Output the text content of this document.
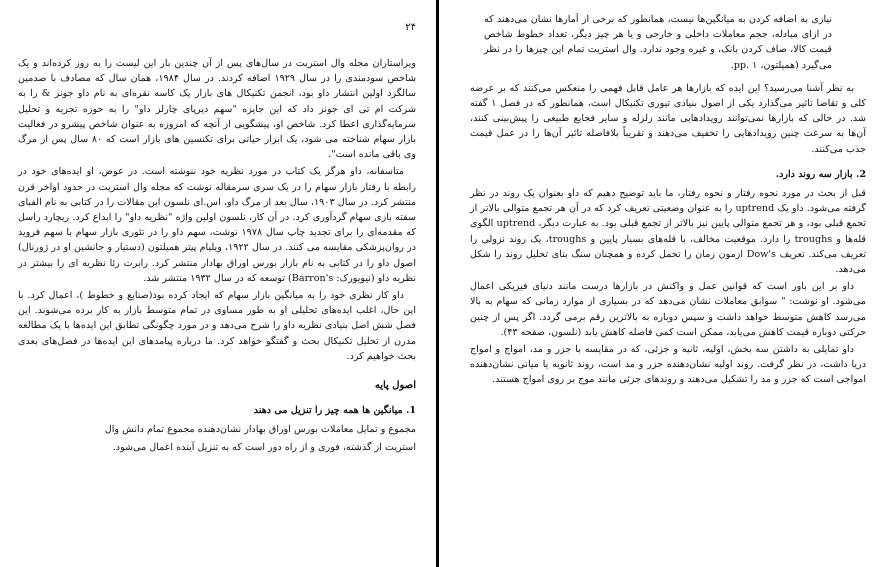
۲۴

ویراستاران مجله وال استریت در سال‌های پس از آن چندین بار این لیست را به روز کرده‌اند و یک شاخص سودمندی را در سال ۱۹۲۹ اضافه کردند. در سال ۱۹۸۴، همان سال که مصادف با صدمین سالگرد اولین انتشار داو بود، انجمن تکنیکال های بازار یک کاسه نقره‌ای به نام داو جونز & را به شرکت ام تی ای جونز داد که این جایزه "سهم دیرپای چارلز داو" را به حوزه تجزیه و تحلیل سرمایه‌گذاری اعطا کرد. شاخص او، پیشگویی از آنچه که امروزه به عنوان شاخص پیشرو در فعالیت بازار سهام شناخته می شود، یک ابزار حیاتی برای تکنسین های بازار است که ۸۰ سال پس از مرگ وی باقی مانده است".

متاسفانه، داو هرگز یک کتاب در مورد نظریه خود ننوشته است. در عوض، او ایده‌های خود در رابطه با رفتار بازار سهام را در یک سری سرمقاله نوشت که مجله وال استریت در حدود اواخر قرن منتشر کرد. در سال ۱۹۰۳، سال بعد از مرگ داو، اس.ای نلسون این مقالات را در کتابی به نام الفبای سفته بازی سهام گردآوری کرد. در آن کار، نلسون اولین واژه "نظریه داو" را ابداع کرد. ریچارد راسل که مقدمه‌ای را برای تجدید چاپ سال ۱۹۷۸ نوشت، سهم داو را در تئوری بازار سهام با سهم فروید در روان‌پزشکی مقایسه می کنند. در سال ۱۹۲۲، ویلیام پیتر همیلتون (دستیار و جانشین او در ژورنال) اصول داو را در کتابی به نام بازار بورس اوراق بهادار منتشر کرد. رابرت رئا نظریه ای را بیشتر در نظریه داو (نیویورک: Barron's) توسعه که در سال ۱۹۳۲ منتشر شد.

داو کار نظری خود را به میانگین بازار سهام که ایجاد کرده بود(صنایع و خطوط )، اعمال کرد. با این حال، اغلب ایده‌های تحلیلی او به طور مساوی در تمام متوسط بازار به کار برده می‌شوند. این فصل شش اصل بنیادی نظریه داو را شرح می‌دهد و در مورد چگونگی تطابق این ایده‌ها با یک مطالعه مدرن از تحلیل تکنیکال بحث و گفتگو خواهد کرد. ما درباره پیامدهای این ایده‌ها در فصل‌های بعدی بحث خواهیم کرد.

اصول پایه
1. میانگین ها همه چیز را تنزیل می دهند

مجموع و تمایل معاملات بورس اوراق بهادار نشان‌دهنده مجموع تمام دانش وال

استریت از گذشته، فوری و از راه دور است که به تنزیل آینده اعمال می‌شود.

نیازی به اضافه کردن به میانگین‌ها نیست، همانطور که برخی از آمارها نشان می‌دهند که در ازای مبادله، حجم معاملات داخلی و خارجی و یا هر چیز دیگر، تعداد خطوط شاخص قیمت کالا، صاف کردن بانک، و غیره وجود ندارد. وال استریت تمام این چیزها را در نظر می‌گیرد (همیلتون، pp. ۱.

به نظر آشنا می‌رسید؟ این ایده که بازارها هر عامل قابل فهمی را منعکس می‌کنند که بر عرضه کلی و تقاضا تاثیر می‌گذارد یکی از اصول بنیادی تیوری تکنیکال است، همانطور که در فصل ۱ گفته شد. در حالی که بازارها نمی‌توانند رویدادهایی مانند زلزله و سایر فجایع طبیعی را پیش‌بینی کنند، آن‌ها به سرعت چنین رویدادهایی را تخفیف می‌دهند و تقریباً بلافاصله تاثیر آن‌ها را در عمل قیمت جذب می‌کنند.

2. بازار سه روند دارد.

قبل از بحث در مورد نحوه رفتار و نحوه رفتار، ما باید توضیح دهیم که داو بعنوان یک روند در نظر گرفته می‌شود. داو یک uptrend را به عنوان وضعیتی تعریف کرد که در آن هر تجمع متوالی بالاتر از تجمع قبلی بود، و هر تجمع متوالی پایین نیز بالاتر از تجمع قبلی بود. به عبارت دیگر، uptrend الگوی قله‌ها و troughs را دارد. موقعیت مخالف، با قله‌های بسیار پایین و troughs، یک روند نزولی را تعریف می‌کند. تعریف Dow's ازمون زمان را تحمل کرده و همچنان سنگ بنای تحلیل روند را شکل می‌دهد.

داو بر این باور است که قوانین عمل و واکنش در بازارها درست مانند دنیای فیزیکی اعمال می‌شود. او نوشت: " سوابق معاملات نشان می‌دهد که در بسیاری از موارد زمانی که سهام به بالا می‌رسد کاهش متوسط خواهد داشت و سپس دوباره به بالاترین رقم برمی گردد. اگر پس از چنین حرکتی دوباره قیمت کاهش می‌یابد، ممکن است کمی فاصله کاهش یابد (نلسون، صفحه ۴۳).

داو تمایلی به داشتن سه بخش، اولیه، ثانیه و جزئی، که در مقایسه با جزر و مد، امواج و امواج دریا داشت، در نظر گرفت. روند اولیه نشان‌دهنده جزر و مد است، روند ثانویه یا میانی نشان‌دهنده امواجی است که جزر و مد را تشکیل می‌دهند و روندهای جزئی مانند موج بر روی امواج هستند.
